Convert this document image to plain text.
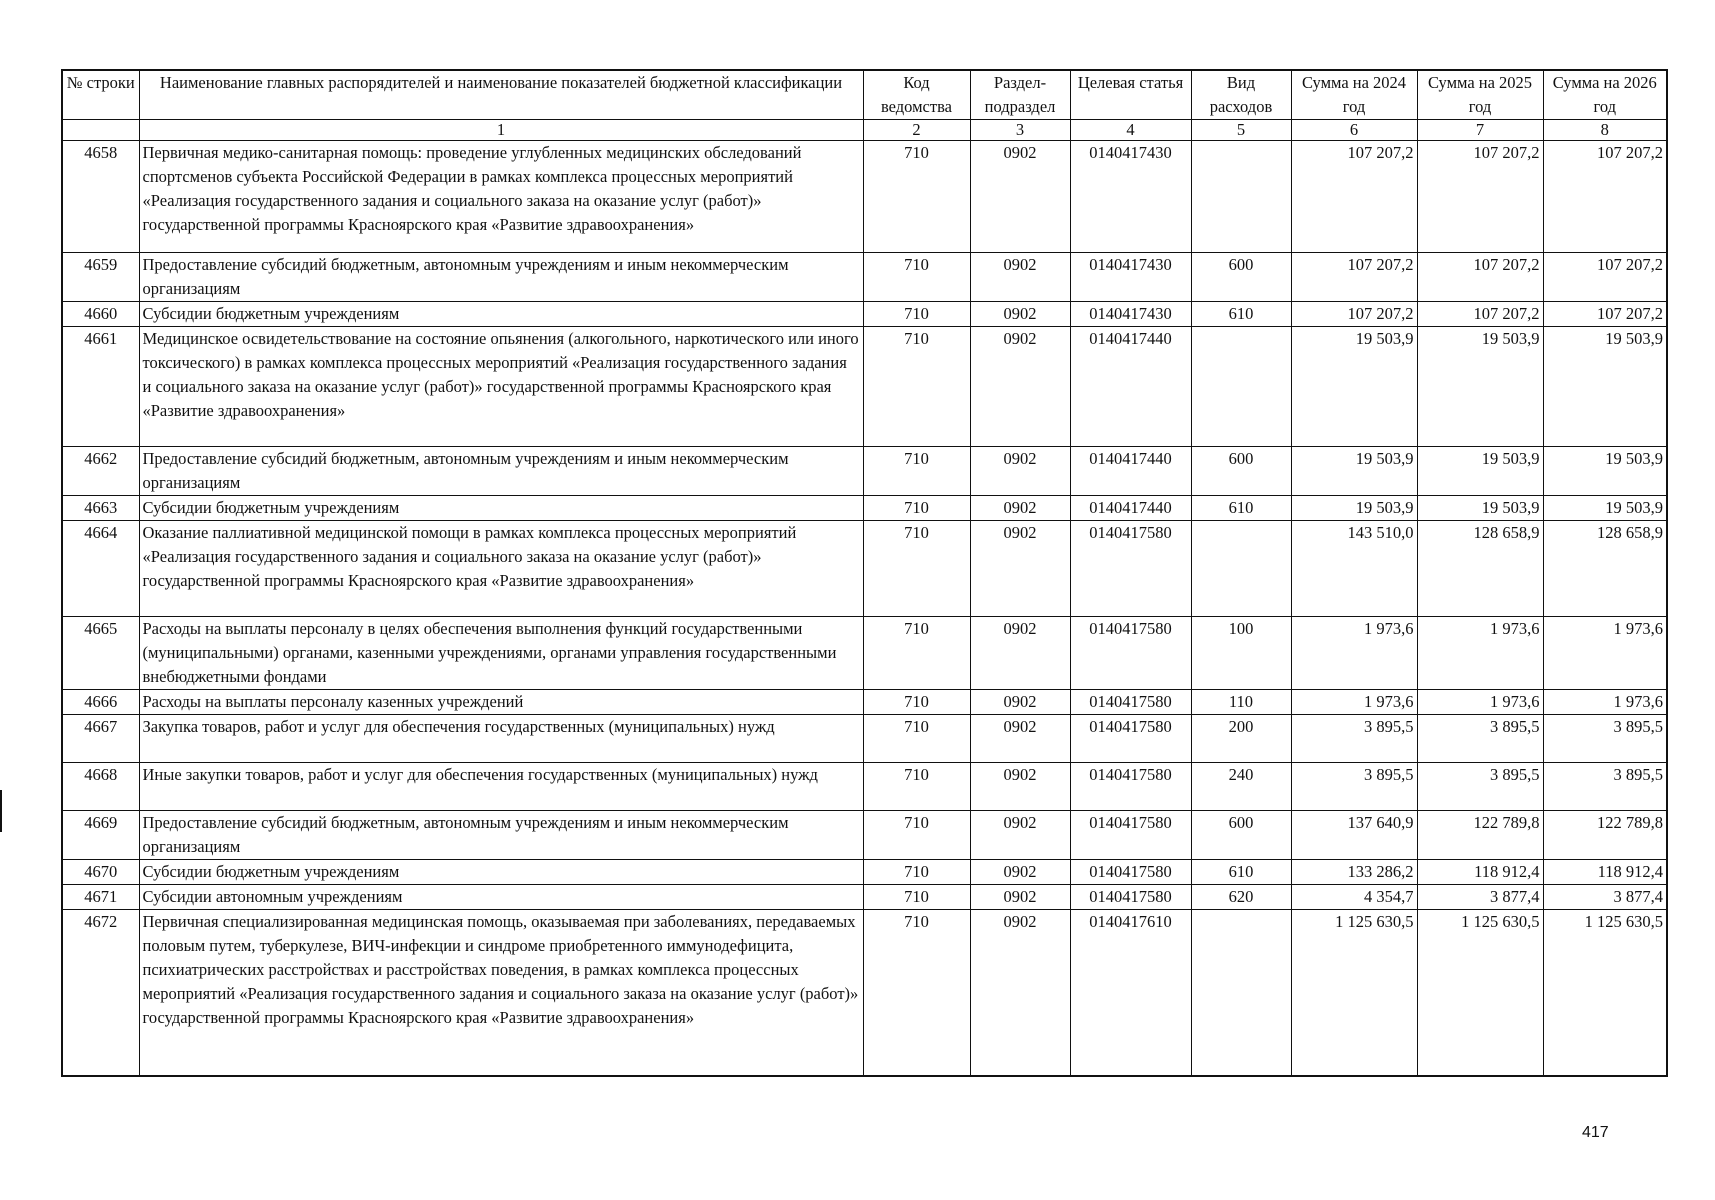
№ строки	Наименование главных распорядителей и наименование показателей бюджетной классификации	Код ведомства	Раздел-подраздел	Целевая статья	Вид расходов	Сумма на 2024 год	Сумма на 2025 год	Сумма на 2026 год
	1	2	3	4	5	6	7	8
4658	Первичная медико-санитарная помощь: проведение углубленных медицинских обследований спортсменов субъекта Российской Федерации в рамках комплекса процессных мероприятий «Реализация государственного задания и социального заказа на оказание услуг (работ)» государственной программы Красноярского края «Развитие здравоохранения»	710	0902	0140417430		107 207,2	107 207,2	107 207,2
4659	Предоставление субсидий бюджетным, автономным учреждениям и иным некоммерческим организациям	710	0902	0140417430	600	107 207,2	107 207,2	107 207,2
4660	Субсидии бюджетным учреждениям	710	0902	0140417430	610	107 207,2	107 207,2	107 207,2
4661	Медицинское освидетельствование на состояние опьянения (алкогольного, наркотического или иного токсического) в рамках комплекса процессных мероприятий «Реализация государственного задания и социального заказа на оказание услуг (работ)» государственной программы Красноярского края «Развитие здравоохранения»	710	0902	0140417440		19 503,9	19 503,9	19 503,9
4662	Предоставление субсидий бюджетным, автономным учреждениям и иным некоммерческим организациям	710	0902	0140417440	600	19 503,9	19 503,9	19 503,9
4663	Субсидии бюджетным учреждениям	710	0902	0140417440	610	19 503,9	19 503,9	19 503,9
4664	Оказание паллиативной медицинской помощи в рамках комплекса процессных мероприятий «Реализация государственного задания и социального заказа на оказание услуг (работ)» государственной программы Красноярского края «Развитие здравоохранения»	710	0902	0140417580		143 510,0	128 658,9	128 658,9
4665	Расходы на выплаты персоналу в целях обеспечения выполнения функций государственными (муниципальными) органами, казенными учреждениями, органами управления государственными внебюджетными фондами	710	0902	0140417580	100	1 973,6	1 973,6	1 973,6
4666	Расходы на выплаты персоналу казенных учреждений	710	0902	0140417580	110	1 973,6	1 973,6	1 973,6
4667	Закупка товаров, работ и услуг для обеспечения государственных (муниципальных) нужд	710	0902	0140417580	200	3 895,5	3 895,5	3 895,5
4668	Иные закупки товаров, работ и услуг для обеспечения государственных (муниципальных) нужд	710	0902	0140417580	240	3 895,5	3 895,5	3 895,5
4669	Предоставление субсидий бюджетным, автономным учреждениям и иным некоммерческим организациям	710	0902	0140417580	600	137 640,9	122 789,8	122 789,8
4670	Субсидии бюджетным учреждениям	710	0902	0140417580	610	133 286,2	118 912,4	118 912,4
4671	Субсидии автономным учреждениям	710	0902	0140417580	620	4 354,7	3 877,4	3 877,4
4672	Первичная специализированная медицинская помощь, оказываемая при заболеваниях, передаваемых половым путем, туберкулезе, ВИЧ-инфекции и синдроме приобретенного иммунодефицита, психиатрических расстройствах и расстройствах поведения, в рамках комплекса процессных мероприятий «Реализация государственного задания и социального заказа на оказание услуг (работ)» государственной программы Красноярского края «Развитие здравоохранения»	710	0902	0140417610		1 125 630,5	1 125 630,5	1 125 630,5
417
